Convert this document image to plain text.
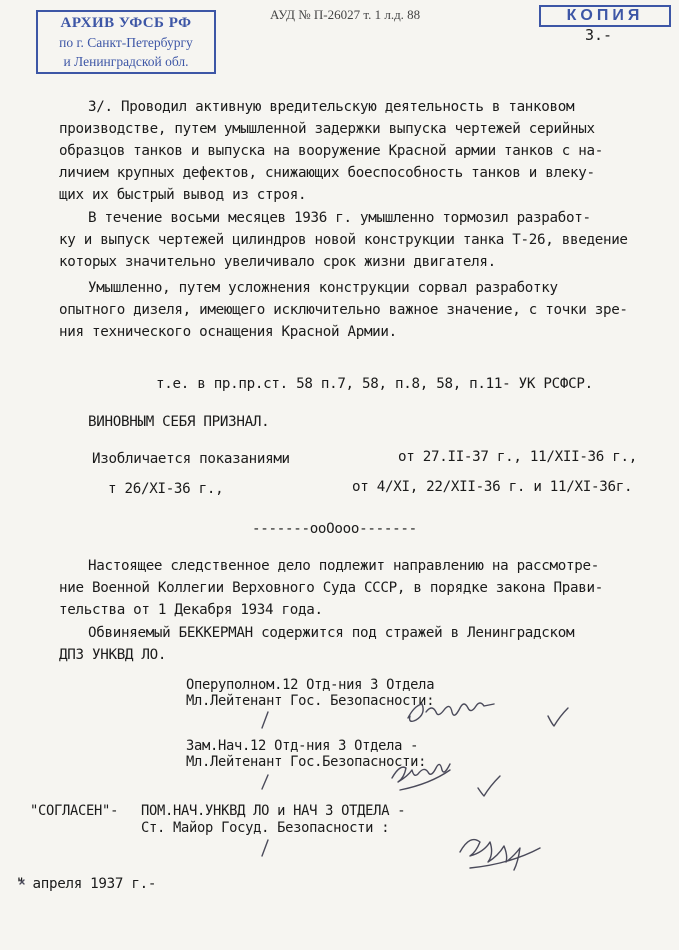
АРХИВ УФСБ РФ
по г. Санкт-Петербургу
и Ленинградской обл.
АУД № П-26027 т. 1 л.д. 88	КОПИЯ
3.-
3/. Проводил активную вредительскую деятельность в танковом
производстве, путем умышленной задержки выпуска чертежей серийных
образцов танков и выпуска на вооружение Красной армии танков с на-
личием крупных дефектов, снижающих боеспособность танков и влеку-
щих их быстрый вывод из строя.
В течение восьми месяцев 1936 г. умышленно тормозил разработ-
ку и выпуск чертежей цилиндров новой конструкции танка Т-26, введение
которых значительно увеличивало срок жизни двигателя.
Умышленно, путем усложнения конструкции сорвал разработку
опытного дизеля, имеющего исключительно важное значение, с точки зре-
ния технического оснащения Красной Армии.
т.е. в пр.пр.ст. 58 п.7, 58, п.8, 58, п.11- УК РСФСР.
ВИНОВНЫМ СЕБЯ ПРИЗНАЛ.
Изобличается показаниями	от 27.II-37 г., 11/XII-36 г.,
т 26/XI-36 г.,	от 4/XI, 22/XII-36 г. и 11/XI-36г.
-------ооОооо-------
Настоящее следственное дело подлежит направлению на рассмотре-
ние Военной Коллегии Верховного Суда СССР, в порядке закона Прави-
тельства от 1 Декабря 1934 года.
Обвиняемый БЕККЕРМАН содержится под стражей в Ленинградском
ДПЗ УНКВД ЛО.
Оперуполном.12 Отд-ния 3 Отдела
Мл.Лейтенант Гос. Безопасности:
Зам.Нач.12 Отд-ния 3 Отдела -
Мл.Лейтенант Гос.Безопасности:
"СОГЛАСЕН"- ПОМ.НАЧ.УНКВД ЛО и НАЧ 3 ОТДЕЛА -
Ст. Майор Госуд. Безопасности :
" апреля 1937 г.-
